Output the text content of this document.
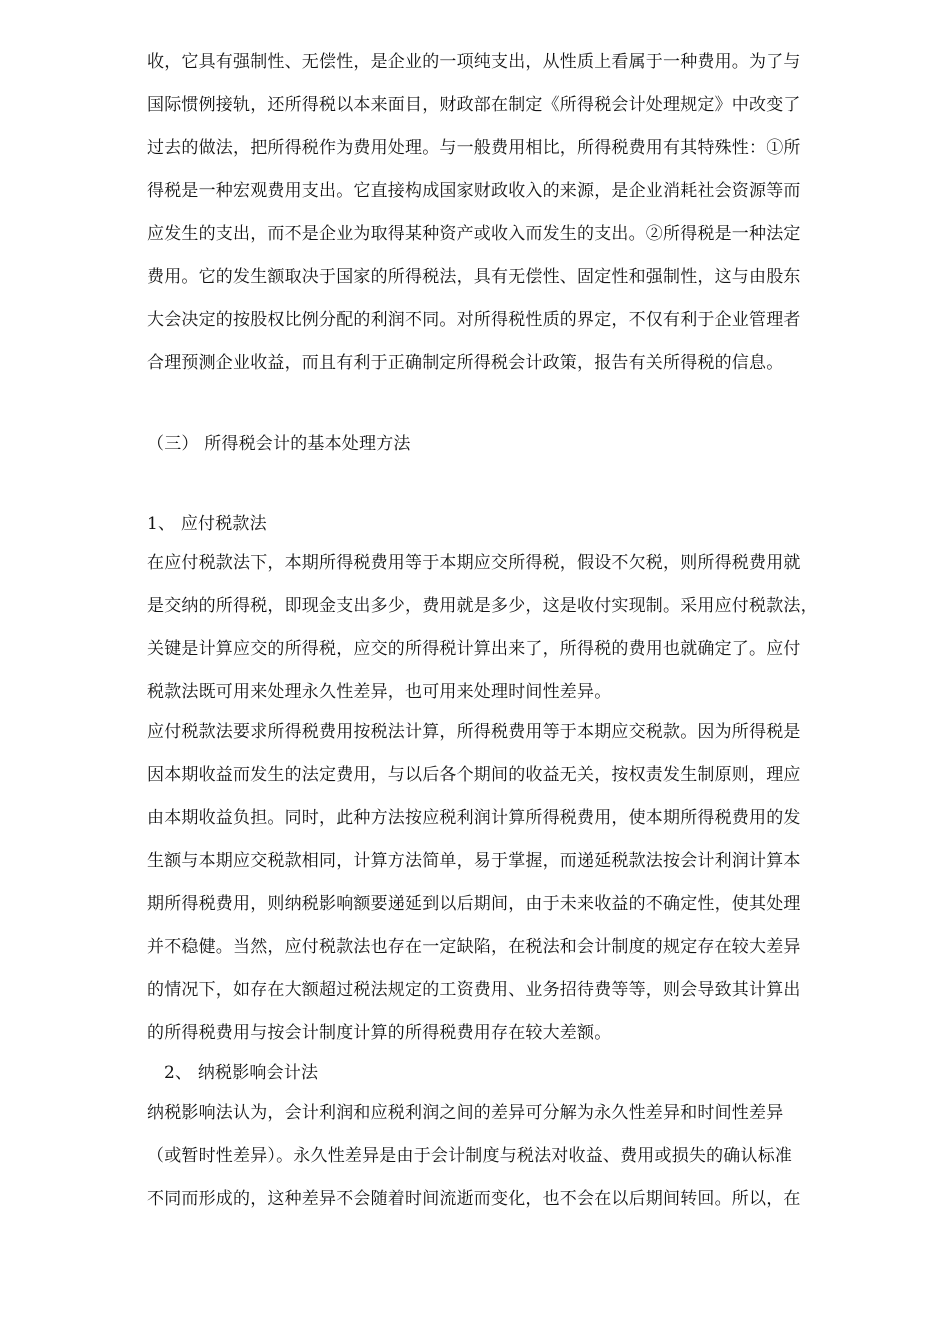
收，它具有强制性、无偿性，是企业的一项纯支出，从性质上看属于一种费用。为了与
国际惯例接轨，还所得税以本来面目，财政部在制定《所得税会计处理规定》中改变了
过去的做法，把所得税作为费用处理。与一般费用相比，所得税费用有其特殊性：①所
得税是一种宏观费用支出。它直接构成国家财政收入的来源，是企业消耗社会资源等而
应发生的支出，而不是企业为取得某种资产或收入而发生的支出。②所得税是一种法定
费用。它的发生额取决于国家的所得税法，具有无偿性、固定性和强制性，这与由股东
大会决定的按股权比例分配的利润不同。对所得税性质的界定，不仅有利于企业管理者
合理预测企业收益，而且有利于正确制定所得税会计政策，报告有关所得税的信息。
（三） 所得税会计的基本处理方法
1、 应付税款法
在应付税款法下，本期所得税费用等于本期应交所得税，假设不欠税，则所得税费用就
是交纳的所得税，即现金支出多少，费用就是多少，这是收付实现制。采用应付税款法，
关键是计算应交的所得税，应交的所得税计算出来了，所得税的费用也就确定了。应付
税款法既可用来处理永久性差异，也可用来处理时间性差异。
应付税款法要求所得税费用按税法计算，所得税费用等于本期应交税款。因为所得税是
因本期收益而发生的法定费用，与以后各个期间的收益无关，按权责发生制原则，理应
由本期收益负担。同时，此种方法按应税利润计算所得税费用，使本期所得税费用的发
生额与本期应交税款相同，计算方法简单，易于掌握，而递延税款法按会计利润计算本
期所得税费用，则纳税影响额要递延到以后期间，由于未来收益的不确定性，使其处理
并不稳健。当然，应付税款法也存在一定缺陷，在税法和会计制度的规定存在较大差异
的情况下，如存在大额超过税法规定的工资费用、业务招待费等等，则会导致其计算出
的所得税费用与按会计制度计算的所得税费用存在较大差额。
2、 纳税影响会计法
纳税影响法认为，会计利润和应税利润之间的差异可分解为永久性差异和时间性差异
（或暂时性差异）。永久性差异是由于会计制度与税法对收益、费用或损失的确认标准
不同而形成的，这种差异不会随着时间流逝而变化，也不会在以后期间转回。所以，在
